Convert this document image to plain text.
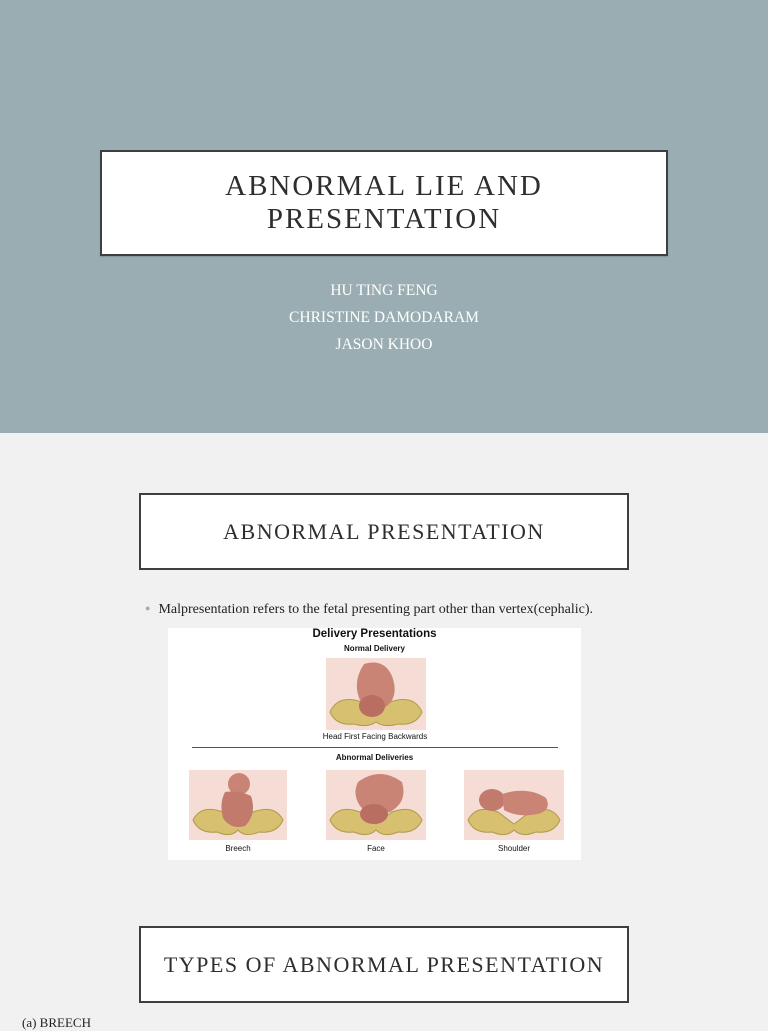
ABNORMAL LIE AND PRESENTATION
HU TING FENG
CHRISTINE DAMODARAM
JASON KHOO
ABNORMAL PRESENTATION
● Malpresentation refers to the fetal presenting part other than vertex(cephalic).
Delivery Presentations
Normal Delivery
Head First Facing Backwards
Abnormal Deliveries
Breech	Face	Shoulder
TYPES OF ABNORMAL PRESENTATION
(a) BREECH
